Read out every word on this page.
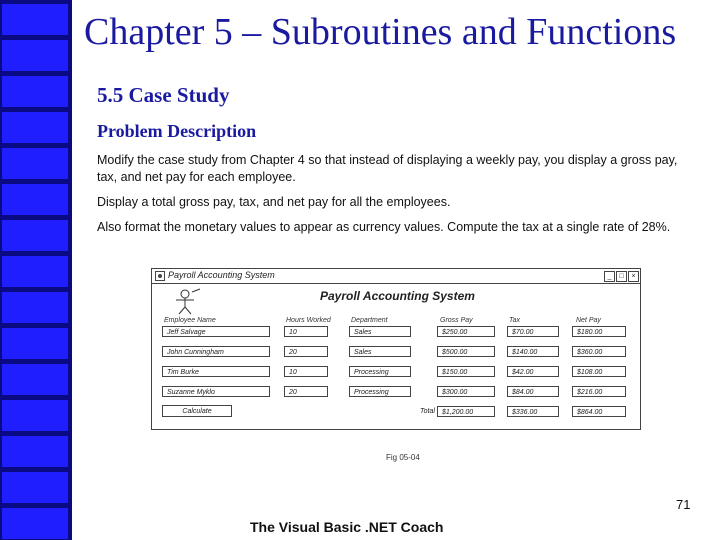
Chapter 5 – Subroutines and Functions
5.5 Case Study
Problem Description
Modify the case study from Chapter 4 so that instead of displaying a weekly pay, you display a gross pay, tax, and net pay for each employee.
Display a total gross pay, tax, and net pay for all the employees.
Also format the monetary values to appear as currency values. Compute the tax at a single rate of 28%.
Payroll Accounting System	_	□	×
Payroll Accounting System
Employee Name	Hours Worked	Department	Gross Pay	Tax	Net Pay
Jeff Salvage	10	Sales	$250.00	$70.00	$180.00
John Cunningham	20	Sales	$500.00	$140.00	$360.00
Tim Burke	10	Processing	$150.00	$42.00	$108.00
Suzanne Myklo	20	Processing	$300.00	$84.00	$216.00
Calculate	Total	$1,200.00	$336.00	$864.00
Fig 05-04
71
The Visual Basic .NET Coach
